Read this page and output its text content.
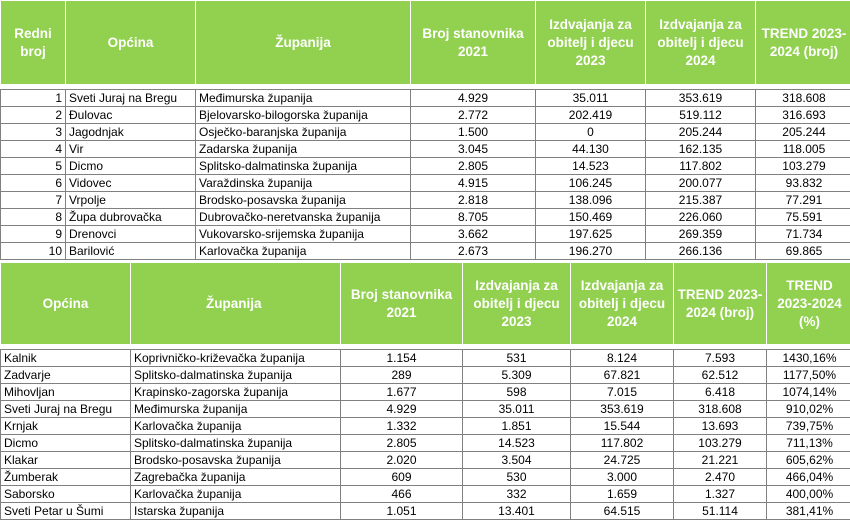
Redni broj	Općina	Županija	Broj stanovnika 2021	Izdvajanja za obitelj i djecu 2023	Izdvajanja za obitelj i djecu 2024	TREND 2023-2024 (broj)

1	Sveti Juraj na Bregu	Međimurska županija	4.929	35.011	353.619	318.608
2	Đulovac	Bjelovarsko-bilogorska županija	2.772	202.419	519.112	316.693
3	Jagodnjak	Osječko-baranjska županija	1.500	0	205.244	205.244
4	Vir	Zadarska županija	3.045	44.130	162.135	118.005
5	Dicmo	Splitsko-dalmatinska županija	2.805	14.523	117.802	103.279
6	Vidovec	Varaždinska županija	4.915	106.245	200.077	93.832
7	Vrpolje	Brodsko-posavska županija	2.818	138.096	215.387	77.291
8	Župa dubrovačka	Dubrovačko-neretvanska županija	8.705	150.469	226.060	75.591
9	Drenovci	Vukovarsko-srijemska županija	3.662	197.625	269.359	71.734
10	Barilović	Karlovačka županija	2.673	196.270	266.136	69.865
Općina	Županija	Broj stanovnika 2021	Izdvajanja za obitelj i djecu 2023	Izdvajanja za obitelj i djecu 2024	TREND 2023-2024 (broj)	TREND 2023-2024 (%)

Kalnik	Koprivničko-križevačka županija	1.154	531	8.124	7.593	1430,16%
Zadvarje	Splitsko-dalmatinska županija	289	5.309	67.821	62.512	1177,50%
Mihovljan	Krapinsko-zagorska županija	1.677	598	7.015	6.418	1074,14%
Sveti Juraj na Bregu	Međimurska županija	4.929	35.011	353.619	318.608	910,02%
Krnjak	Karlovačka županija	1.332	1.851	15.544	13.693	739,75%
Dicmo	Splitsko-dalmatinska županija	2.805	14.523	117.802	103.279	711,13%
Klakar	Brodsko-posavska županija	2.020	3.504	24.725	21.221	605,62%
Žumberak	Zagrebačka županija	609	530	3.000	2.470	466,04%
Saborsko	Karlovačka županija	466	332	1.659	1.327	400,00%
Sveti Petar u Šumi	Istarska županija	1.051	13.401	64.515	51.114	381,41%
